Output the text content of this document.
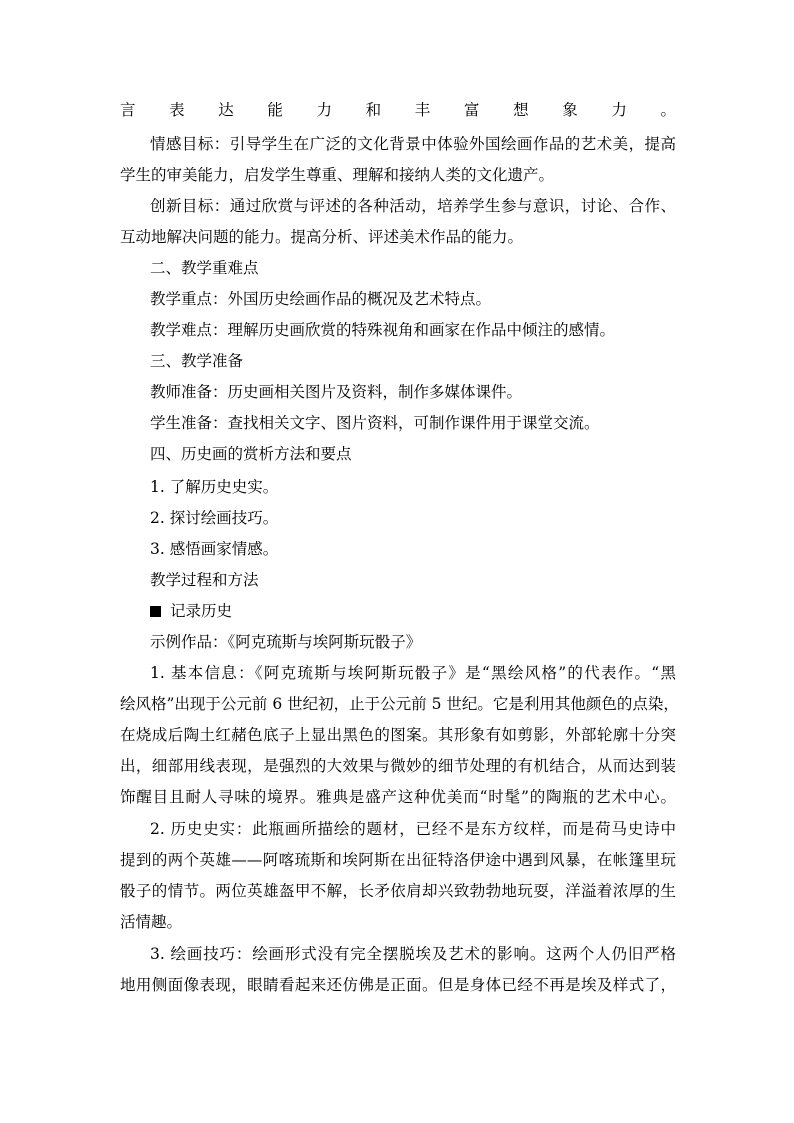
言表达能力和丰富想象力。
情感目标：引导学生在广泛的文化背景中体验外国绘画作品的艺术美，提高
学生的审美能力，启发学生尊重、理解和接纳人类的文化遗产。
创新目标：通过欣赏与评述的各种活动，培养学生参与意识，讨论、合作、
互动地解决问题的能力。提高分析、评述美术作品的能力。
二、教学重难点
教学重点：外国历史绘画作品的概况及艺术特点。
教学难点：理解历史画欣赏的特殊视角和画家在作品中倾注的感情。
三、教学准备
教师准备：历史画相关图片及资料，制作多媒体课件。
学生准备：查找相关文字、图片资料，可制作课件用于课堂交流。
四、历史画的赏析方法和要点
1. 了解历史史实。
2. 探讨绘画技巧。
3. 感悟画家情感。
教学过程和方法
记录历史
示例作品：《阿克琉斯与埃阿斯玩骰子》
1. 基本信息：《阿克琉斯与埃阿斯玩骰子》是“黑绘风格”的代表作。“黑
绘风格”出现于公元前 6 世纪初，止于公元前 5 世纪。它是利用其他颜色的点染，
在烧成后陶土红赭色底子上显出黑色的图案。其形象有如剪影，外部轮廓十分突
出，细部用线表现，是强烈的大效果与微妙的细节处理的有机结合，从而达到装
饰醒目且耐人寻味的境界。雅典是盛产这种优美而“时髦”的陶瓶的艺术中心。
2. 历史史实：此瓶画所描绘的题材，已经不是东方纹样，而是荷马史诗中
提到的两个英雄——阿喀琉斯和埃阿斯在出征特洛伊途中遇到风暴，在帐篷里玩
骰子的情节。两位英雄盔甲不解，长矛依肩却兴致勃勃地玩耍，洋溢着浓厚的生
活情趣。
3. 绘画技巧：绘画形式没有完全摆脱埃及艺术的影响。这两个人仍旧严格
地用侧面像表现，眼睛看起来还仿佛是正面。但是身体已经不再是埃及样式了，
